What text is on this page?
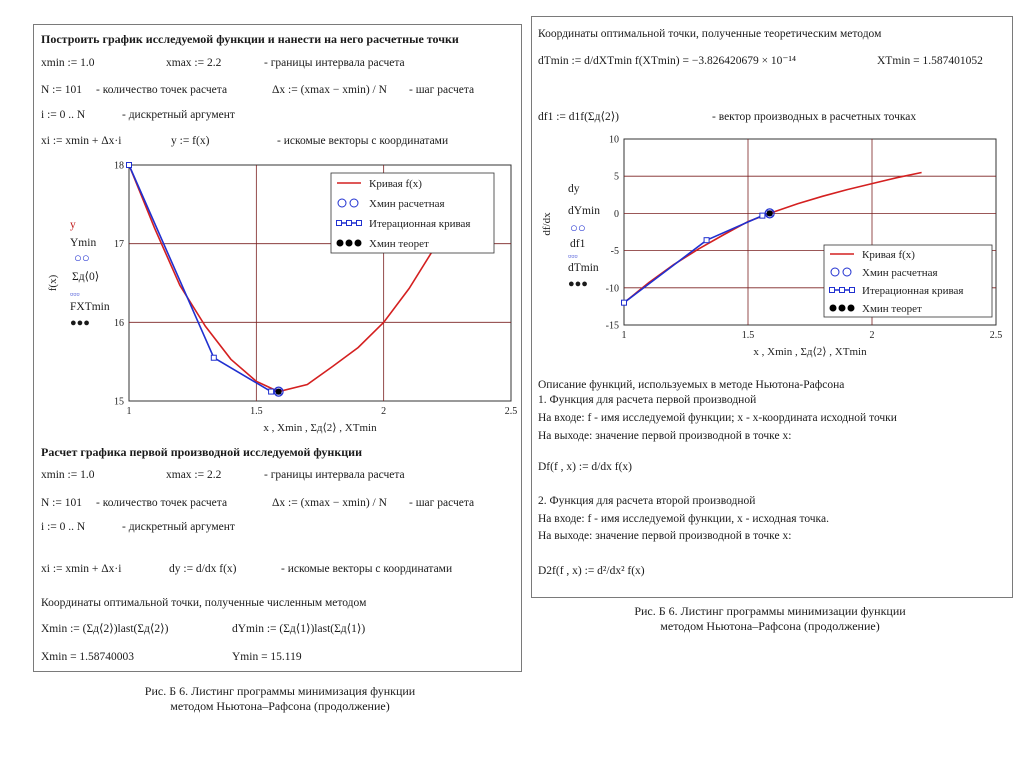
Построить график исследуемой функции и нанести на него расчетные точки
xmin := 1.0	xmax := 2.2	- границы интервала расчета
N := 101 - количество точек расчета	Δx := (xmax − xmin) / N - шаг расчета
i := 0 .. N	- дискретный аргумент
xi := xmin + Δx·i	y := f(x)	- искомые векторы с координатами
y
Ymin
○○
Σд⟨0⟩
▫▫▫
FXTmin
●●●
1	1.5	2	2.5
15
16
17
18
x , Xmin , Σд⟨2⟩ , XTmin
f(x)
Кривая f(x)
Хмин расчетная
Итерационная кривая
Хмин теорет
Расчет графика первой производной исследуемой функции
xmin := 1.0	xmax := 2.2	- границы интервала расчета
N := 101 - количество точек расчета	Δx := (xmax − xmin) / N - шаг расчета
i := 0 .. N	- дискретный аргумент
xi := xmin + Δx·i	dy := d/dx f(x)	- искомые векторы с координатами
Координаты оптимальной точки, полученные численным методом
Xmin := (Σд⟨2⟩)last(Σд⟨2⟩)	dYmin := (Σд⟨1⟩)last(Σд⟨1⟩)
Xmin = 1.58740003	Ymin = 15.119
Координаты оптимальной точки, полученные теоретическим методом
dTmin := d/dXTmin f(XTmin) = −3.826420679 × 10⁻¹⁴	XTmin = 1.587401052
df1 := d1f(Σд⟨2⟩)	- вектор производных в расчетных точках
dy
dYmin
○○
df1
▫▫▫
dTmin
●●●
1	1.5	2	2.5
-15
-10
-5
0
5
10
x , Xmin , Σд⟨2⟩ , XTmin
df/dx
Кривая f(x)
Хмин расчетная
Итерационная кривая
Хмин теорет
Описание функций, используемых в методе Ньютона-Рафсона
1. Функция для расчета первой производной
На входе: f - имя исследуемой функции; x - x-координата исходной точки
На выходе: значение первой производной в точке x:
Df(f , x) := d/dx f(x)
2. Функция для расчета второй производной
На входе: f - имя исследуемой функции, x - исходная точка.
На выходе: значение первой производной в точке x:
D2f(f , x) := d²/dx² f(x)
Рис. Б 6. Листинг программы минимизация функции
методом Ньютона–Рафсона (продолжение)
Рис. Б 6. Листинг программы минимизации функции
методом Ньютона–Рафсона (продолжение)
